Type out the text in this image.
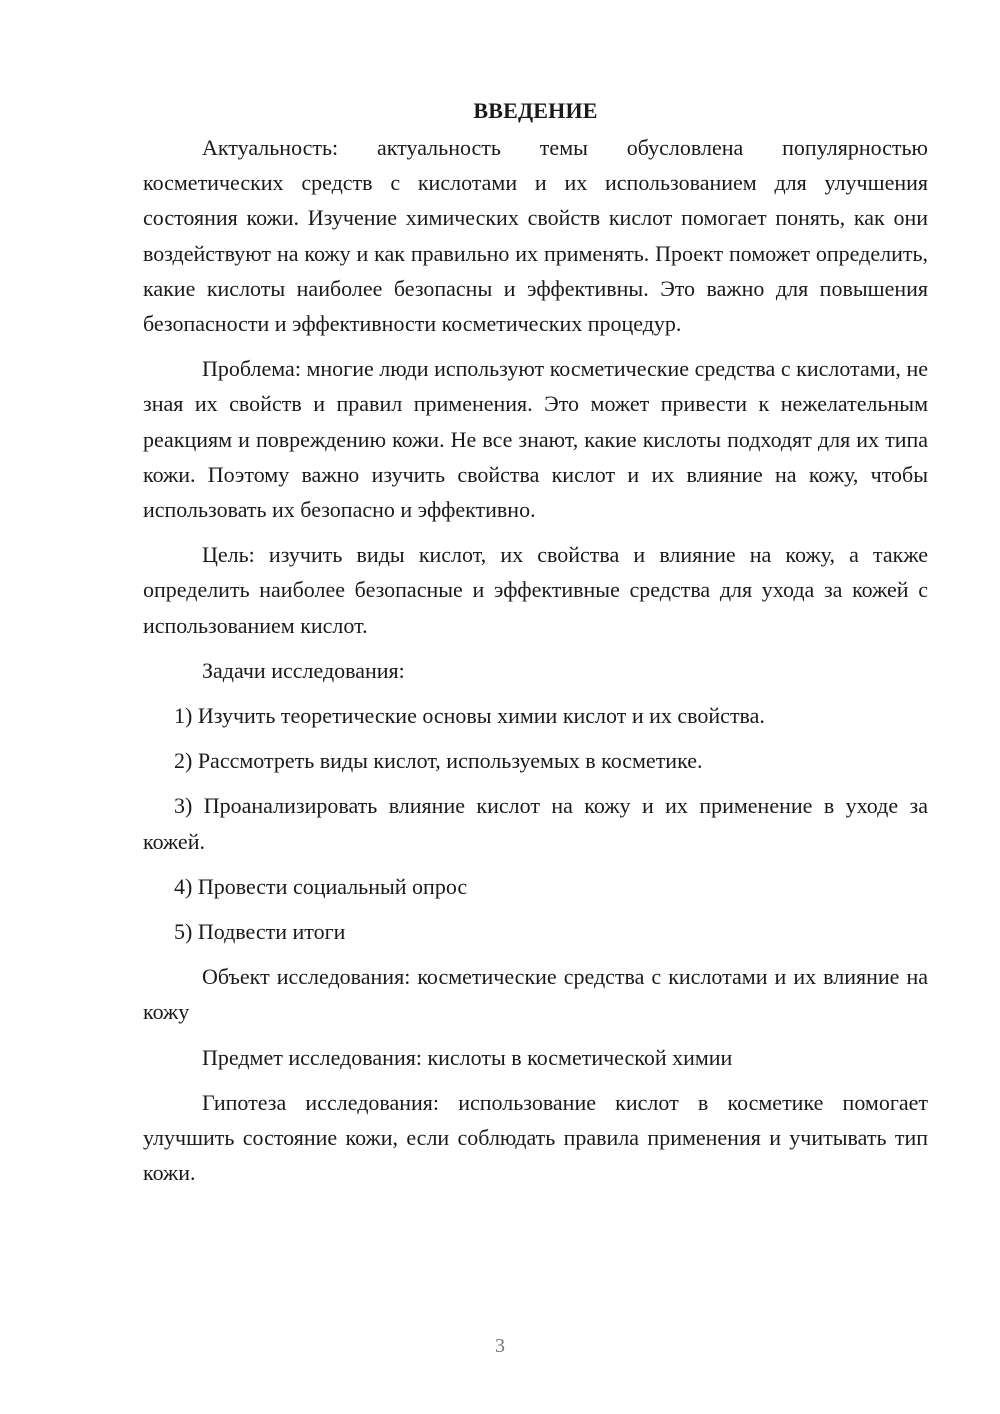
ВВЕДЕНИЕ

Актуальность: актуальность темы обусловлена популярностью косметических средств с кислотами и их использованием для улучшения состояния кожи. Изучение химических свойств кислот помогает понять, как они воздействуют на кожу и как правильно их применять. Проект поможет определить, какие кислоты наиболее безопасны и эффективны. Это важно для повышения безопасности и эффективности косметических процедур.

Проблема: многие люди используют косметические средства с кислотами, не зная их свойств и правил применения. Это может привести к нежелательным реакциям и повреждению кожи. Не все знают, какие кислоты подходят для их типа кожи. Поэтому важно изучить свойства кислот и их влияние на кожу, чтобы использовать их безопасно и эффективно.

Цель: изучить виды кислот, их свойства и влияние на кожу, а также определить наиболее безопасные и эффективные средства для ухода за кожей с использованием кислот.

Задачи исследования:

1) Изучить теоретические основы химии кислот и их свойства.

2) Рассмотреть виды кислот, используемых в косметике.

3) Проанализировать влияние кислот на кожу и их применение в уходе за кожей.

4) Провести социальный опрос

5) Подвести итоги

Объект исследования: косметические средства с кислотами и их влияние на кожу

Предмет исследования: кислоты в косметической химии

Гипотеза исследования: использование кислот в косметике помогает улучшить состояние кожи, если соблюдать правила применения и учитывать тип кожи.

3
